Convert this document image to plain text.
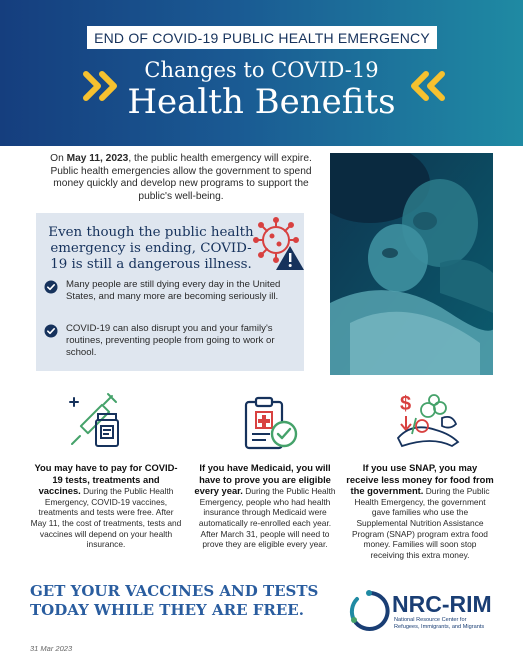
END OF COVID-19 PUBLIC HEALTH EMERGENCY
Changes to COVID-19
Health Benefits

On May 11, 2023, the public health emergency will expire. Public health emergencies allow the government to spend money quickly and develop new programs to support the public's well-being.

Even though the public health emergency is ending, COVID-19 is still a dangerous illness.
Many people are still dying every day in the United States, and many more are becoming seriously ill.
COVID-19 can also disrupt you and your family's routines, preventing people from going to work or school.
$
You may have to pay for COVID-19 tests, treatments and vaccines. During the Public Health Emergency, COVID-19 vaccines, treatments and tests were free. After May 11, the cost of treatments, tests and vaccines will depend on your health insurance.
If you have Medicaid, you will have to prove you are eligible every year. During the Public Health Emergency, people who had health insurance through Medicaid were automatically re-enrolled each year. After March 31, people will need to prove they are eligible every year.
If you use SNAP, you may receive less money for food from the government. During the Public Health Emergency, the government gave families who use the Supplemental Nutrition Assistance Program (SNAP) program extra food money. Families will soon stop receiving this extra money.
GET YOUR VACCINES AND TESTS
TODAY WHILE THEY ARE FREE.	NRC-RIM
National Resource Center for
Refugees, Immigrants, and Migrants
31 Mar 2023
